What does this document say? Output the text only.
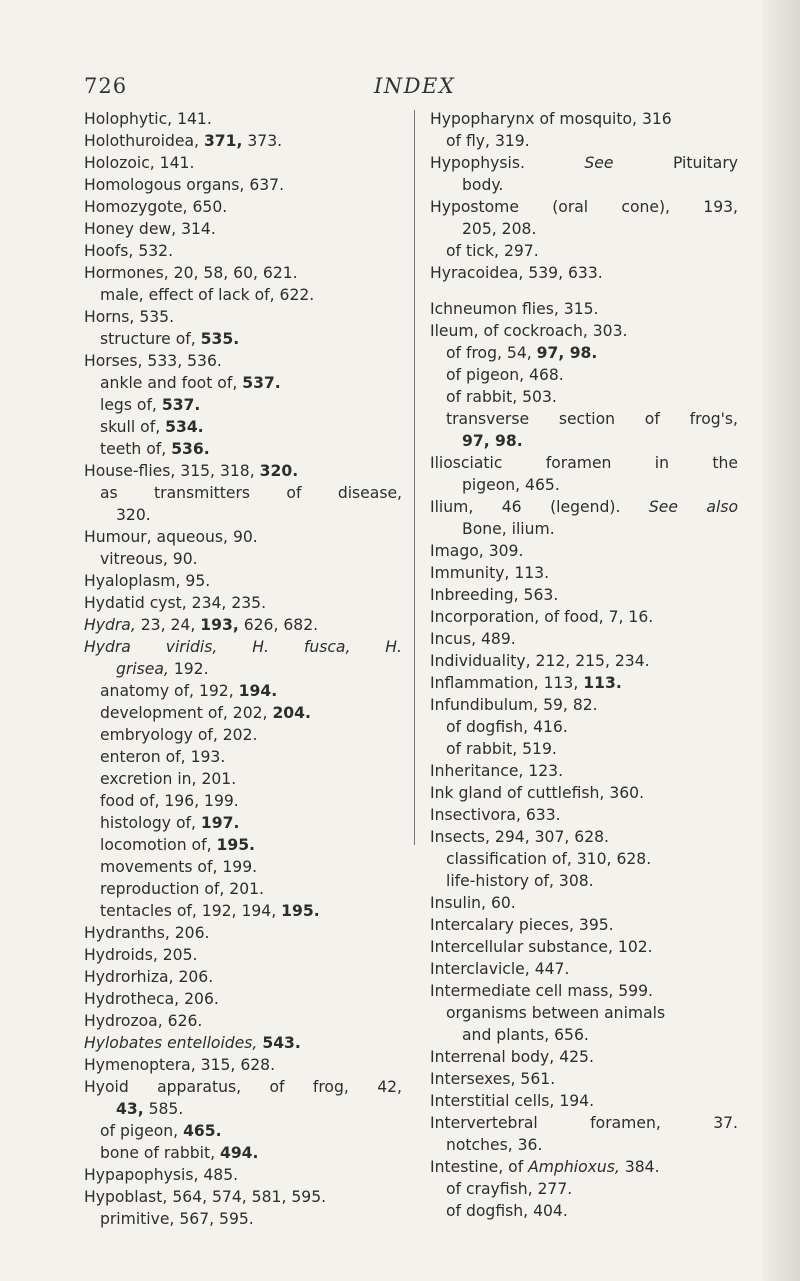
726	INDEX
Holophytic, 141.
Holothuroidea, 371, 373.
Holozoic, 141.
Homologous organs, 637.
Homozygote, 650.
Honey dew, 314.
Hoofs, 532.
Hormones, 20, 58, 60, 621.
male, effect of lack of, 622.
Horns, 535.
structure of, 535.
Horses, 533, 536.
ankle and foot of, 537.
legs of, 537.
skull of, 534.
teeth of, 536.
House-flies, 315, 318, 320.
as transmitters of disease,
320.
Humour, aqueous, 90.
vitreous, 90.
Hyaloplasm, 95.
Hydatid cyst, 234, 235.
Hydra, 23, 24, 193, 626, 682.
Hydra viridis, H. fusca, H.
grisea, 192.
anatomy of, 192, 194.
development of, 202, 204.
embryology of, 202.
enteron of, 193.
excretion in, 201.
food of, 196, 199.
histology of, 197.
locomotion of, 195.
movements of, 199.
reproduction of, 201.
tentacles of, 192, 194, 195.
Hydranths, 206.
Hydroids, 205.
Hydrorhiza, 206.
Hydrotheca, 206.
Hydrozoa, 626.
Hylobates entelloides, 543.
Hymenoptera, 315, 628.
Hyoid apparatus, of frog, 42,
43, 585.
of pigeon, 465.
bone of rabbit, 494.
Hypapophysis, 485.
Hypoblast, 564, 574, 581, 595.
primitive, 567, 595.
Hypopharynx of mosquito, 316
of fly, 319.
Hypophysis. See Pituitary
body.
Hypostome (oral cone), 193,
205, 208.
of tick, 297.
Hyracoidea, 539, 633.
Ichneumon flies, 315.
Ileum, of cockroach, 303.
of frog, 54, 97, 98.
of pigeon, 468.
of rabbit, 503.
transverse section of frog's,
97, 98.
Iliosciatic foramen in the
pigeon, 465.
Ilium, 46 (legend). See also
Bone, ilium.
Imago, 309.
Immunity, 113.
Inbreeding, 563.
Incorporation, of food, 7, 16.
Incus, 489.
Individuality, 212, 215, 234.
Inflammation, 113, 113.
Infundibulum, 59, 82.
of dogfish, 416.
of rabbit, 519.
Inheritance, 123.
Ink gland of cuttlefish, 360.
Insectivora, 633.
Insects, 294, 307, 628.
classification of, 310, 628.
life-history of, 308.
Insulin, 60.
Intercalary pieces, 395.
Intercellular substance, 102.
Interclavicle, 447.
Intermediate cell mass, 599.
organisms between animals
and plants, 656.
Interrenal body, 425.
Intersexes, 561.
Interstitial cells, 194.
Intervertebral foramen, 37.
notches, 36.
Intestine, of Amphioxus, 384.
of crayfish, 277.
of dogfish, 404.
